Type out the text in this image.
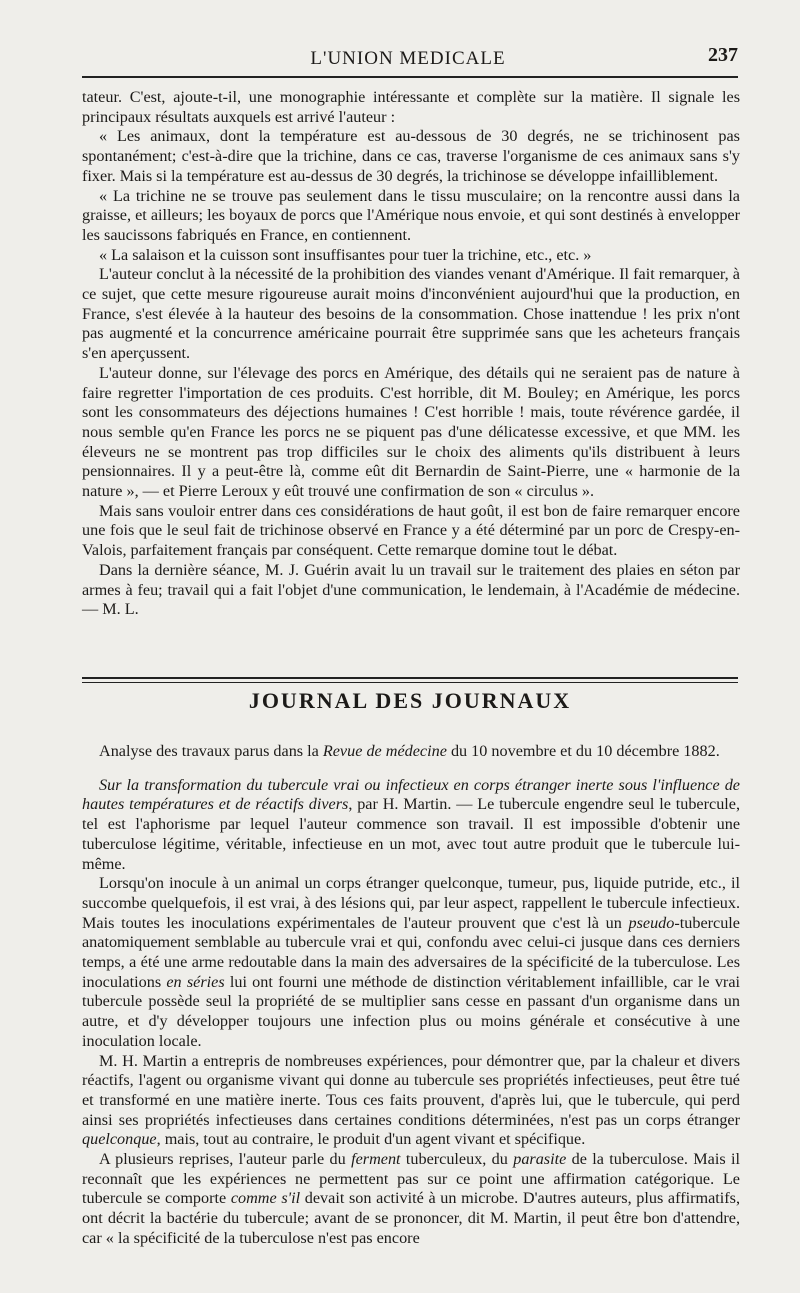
L'UNION MEDICALE	237

tateur. C'est, ajoute-t-il, une monographie intéressante et complète sur la matière. Il signale les principaux résultats auxquels est arrivé l'auteur :

« Les animaux, dont la température est au-dessous de 30 degrés, ne se trichinosent pas spontanément; c'est-à-dire que la trichine, dans ce cas, traverse l'organisme de ces animaux sans s'y fixer. Mais si la température est au-dessus de 30 degrés, la trichinose se développe infailliblement.

« La trichine ne se trouve pas seulement dans le tissu musculaire; on la rencontre aussi dans la graisse, et ailleurs; les boyaux de porcs que l'Amérique nous envoie, et qui sont destinés à envelopper les saucissons fabriqués en France, en contiennent.

« La salaison et la cuisson sont insuffisantes pour tuer la trichine, etc., etc. »

L'auteur conclut à la nécessité de la prohibition des viandes venant d'Amérique. Il fait remarquer, à ce sujet, que cette mesure rigoureuse aurait moins d'inconvénient aujourd'hui que la production, en France, s'est élevée à la hauteur des besoins de la consommation. Chose inattendue ! les prix n'ont pas augmenté et la concurrence américaine pourrait être supprimée sans que les acheteurs français s'en aperçussent.

L'auteur donne, sur l'élevage des porcs en Amérique, des détails qui ne seraient pas de nature à faire regretter l'importation de ces produits. C'est horrible, dit M. Bouley; en Amérique, les porcs sont les consommateurs des déjections humaines ! C'est horrible ! mais, toute révérence gardée, il nous semble qu'en France les porcs ne se piquent pas d'une délicatesse excessive, et que MM. les éleveurs ne se montrent pas trop difficiles sur le choix des aliments qu'ils distribuent à leurs pensionnaires. Il y a peut-être là, comme eût dit Bernardin de Saint-Pierre, une « harmonie de la nature », — et Pierre Leroux y eût trouvé une confirmation de son « circulus ».

Mais sans vouloir entrer dans ces considérations de haut goût, il est bon de faire remarquer encore une fois que le seul fait de trichinose observé en France y a été déterminé par un porc de Crespy-en-Valois, parfaitement français par conséquent. Cette remarque domine tout le débat.

Dans la dernière séance, M. J. Guérin avait lu un travail sur le traitement des plaies en séton par armes à feu; travail qui a fait l'objet d'une communication, le lendemain, à l'Académie de médecine. — M. L.

JOURNAL DES JOURNAUX

Analyse des travaux parus dans la Revue de médecine du 10 novembre et du 10 décembre 1882.

Sur la transformation du tubercule vrai ou infectieux en corps étranger inerte sous l'influence de hautes températures et de réactifs divers, par H. Martin. — Le tubercule engendre seul le tubercule, tel est l'aphorisme par lequel l'auteur commence son travail. Il est impossible d'obtenir une tuberculose légitime, véritable, infectieuse en un mot, avec tout autre produit que le tubercule lui-même.

Lorsqu'on inocule à un animal un corps étranger quelconque, tumeur, pus, liquide putride, etc., il succombe quelquefois, il est vrai, à des lésions qui, par leur aspect, rappellent le tubercule infectieux. Mais toutes les inoculations expérimentales de l'auteur prouvent que c'est là un pseudo-tubercule anatomiquement semblable au tubercule vrai et qui, confondu avec celui-ci jusque dans ces derniers temps, a été une arme redoutable dans la main des adversaires de la spécificité de la tuberculose. Les inoculations en séries lui ont fourni une méthode de distinction véritablement infaillible, car le vrai tubercule possède seul la propriété de se multiplier sans cesse en passant d'un organisme dans un autre, et d'y développer toujours une infection plus ou moins générale et consécutive à une inoculation locale.

M. H. Martin a entrepris de nombreuses expériences, pour démontrer que, par la chaleur et divers réactifs, l'agent ou organisme vivant qui donne au tubercule ses propriétés infectieuses, peut être tué et transformé en une matière inerte. Tous ces faits prouvent, d'après lui, que le tubercule, qui perd ainsi ses propriétés infectieuses dans certaines conditions déterminées, n'est pas un corps étranger quelconque, mais, tout au contraire, le produit d'un agent vivant et spécifique.

A plusieurs reprises, l'auteur parle du ferment tuberculeux, du parasite de la tuberculose. Mais il reconnaît que les expériences ne permettent pas sur ce point une affirmation catégorique. Le tubercule se comporte comme s'il devait son activité à un microbe. D'autres auteurs, plus affirmatifs, ont décrit la bactérie du tubercule; avant de se prononcer, dit M. Martin, il peut être bon d'attendre, car « la spécificité de la tuberculose n'est pas encore
